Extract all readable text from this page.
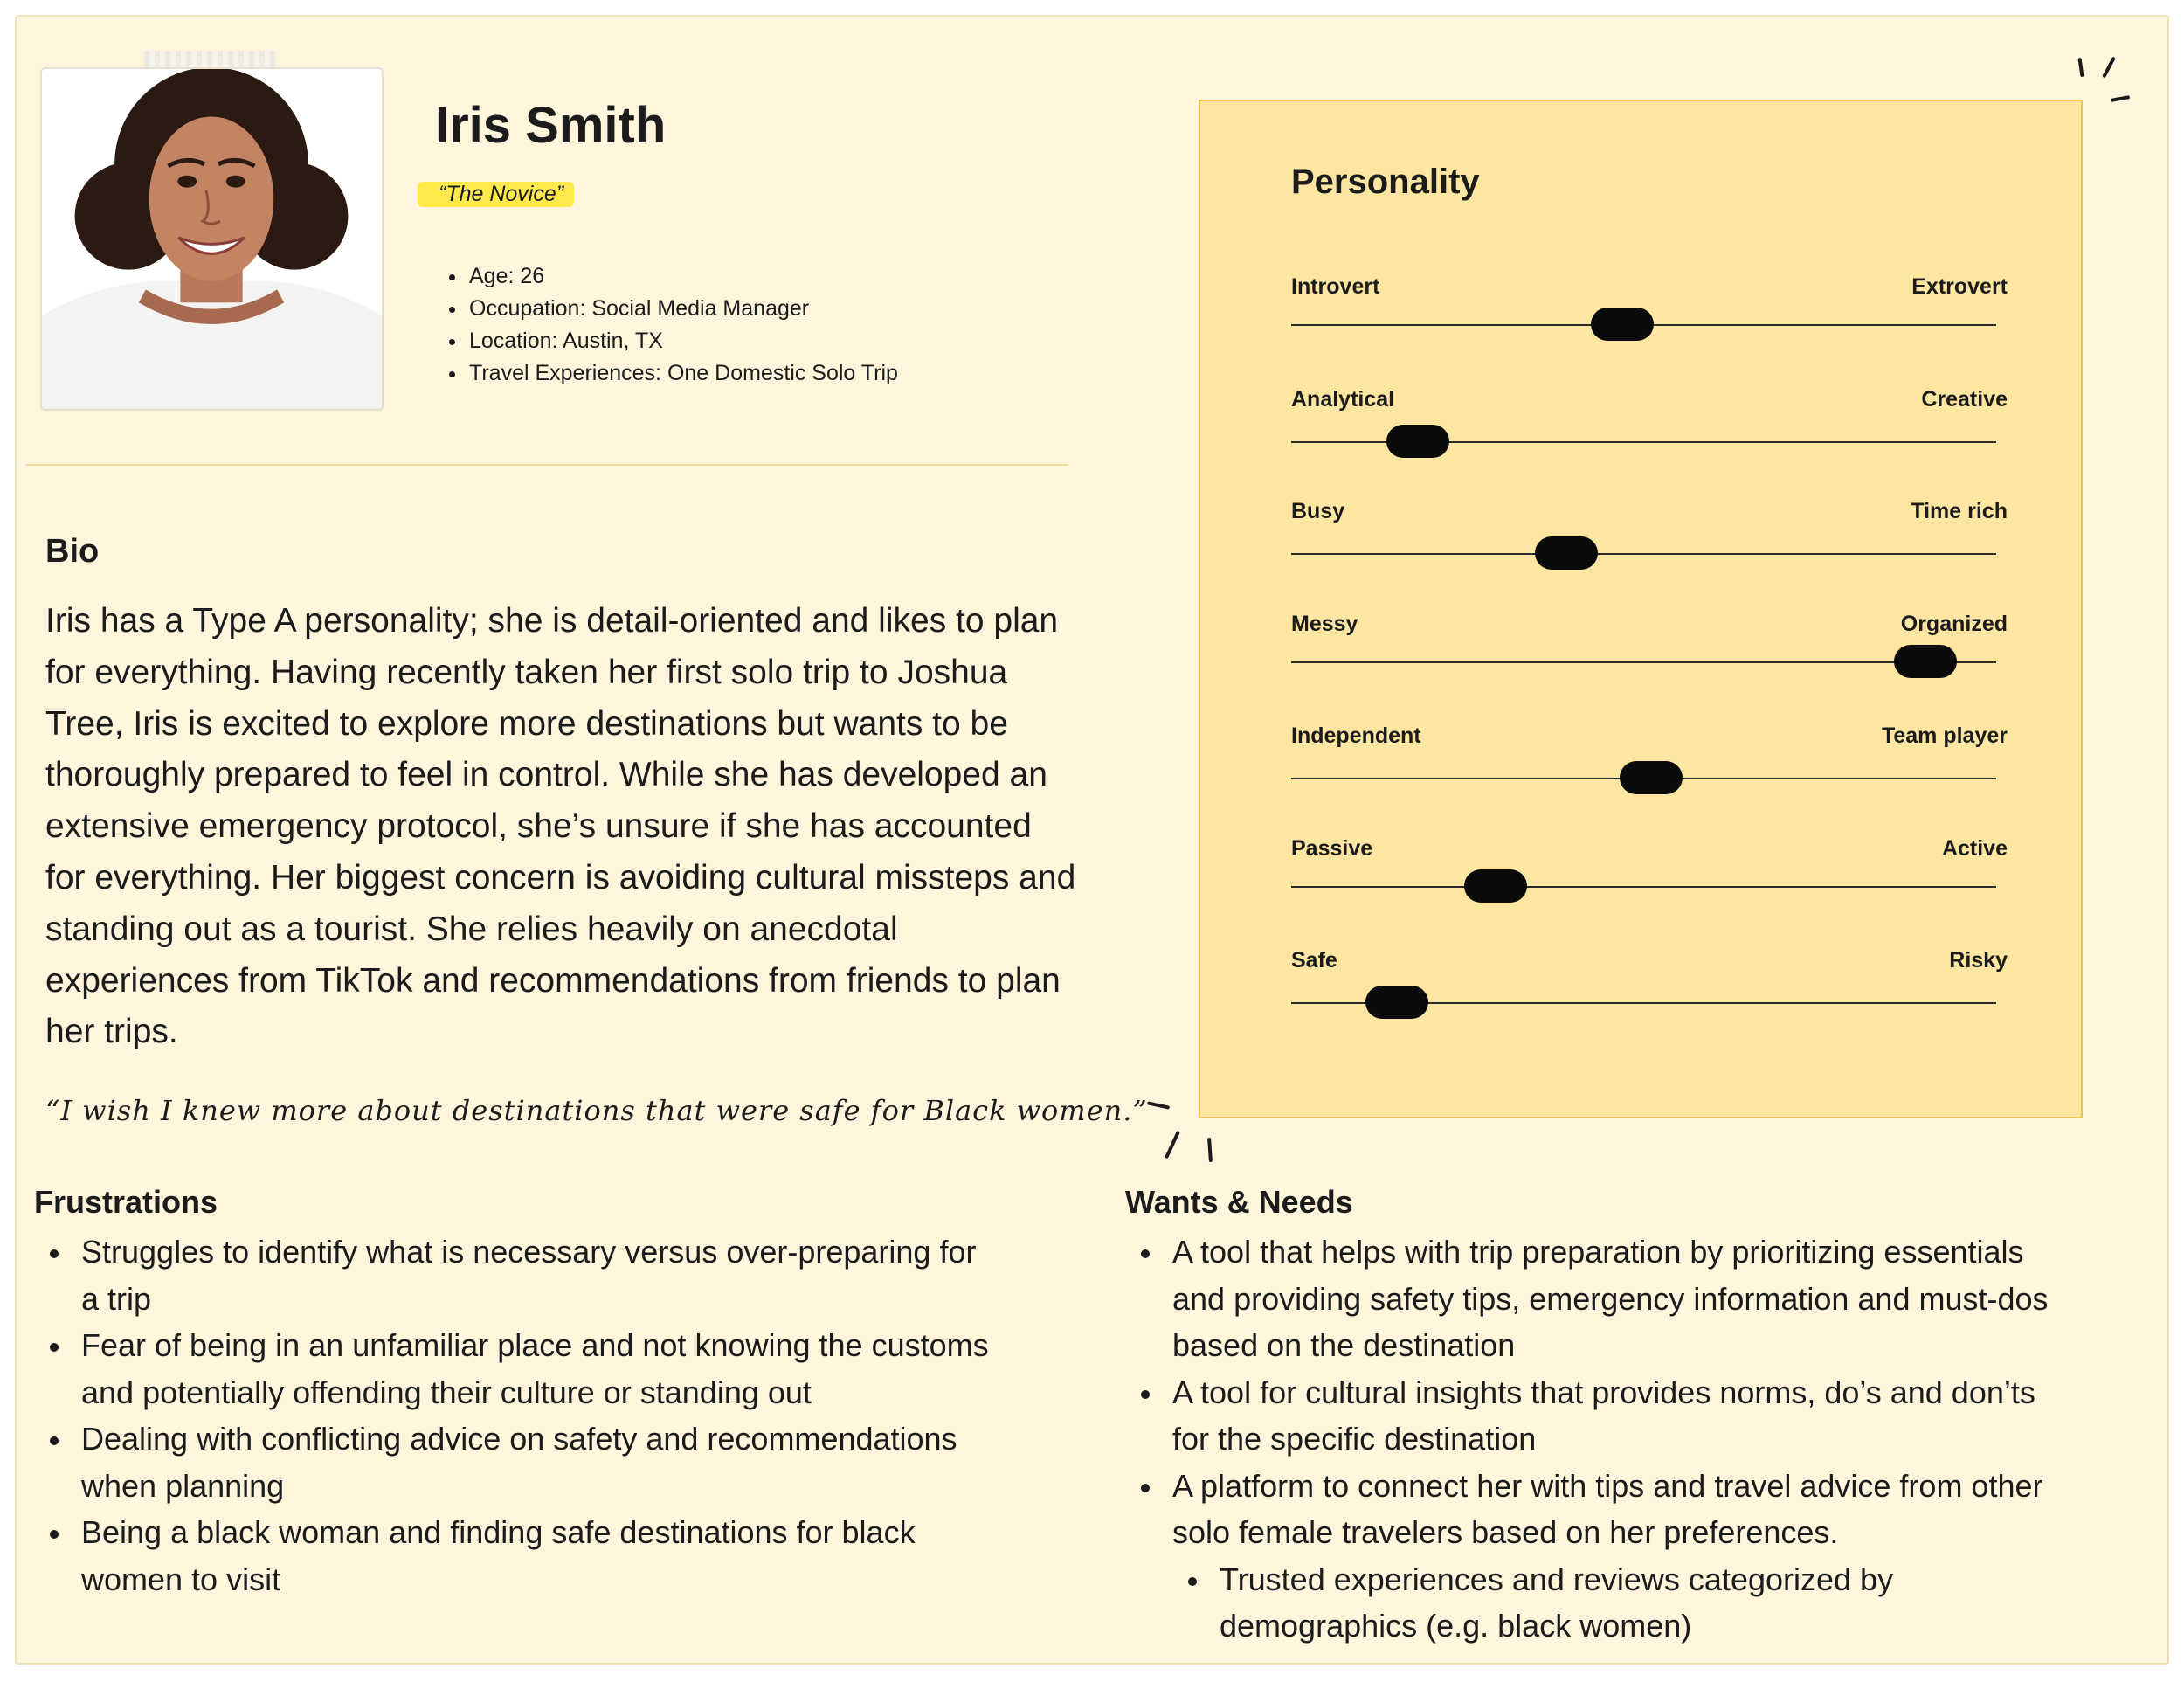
Iris Smith
“The Novice”
Age: 26
Occupation: Social Media Manager
Location: Austin, TX
Travel Experiences: One Domestic Solo Trip
Bio

Iris has a Type A personality; she is detail-oriented and likes to plan for everything. Having recently taken her first solo trip to Joshua Tree, Iris is excited to explore more destinations but wants to be thoroughly prepared to feel in control. While she has developed an extensive emergency protocol, she’s unsure if she has accounted for everything. Her biggest concern is avoiding cultural missteps and standing out as a tourist. She relies heavily on anecdotal experiences from TikTok and recommendations from friends to plan her trips.

“I wish I knew more about destinations that were safe for Black women.”
Personality
Introvert	Extrovert
Analytical	Creative
Busy	Time rich
Messy	Organized
Independent	Team player
Passive	Active
Safe	Risky
Frustrations
Struggles to identify what is necessary versus over-preparing for a trip
Fear of being in an unfamiliar place and not knowing the customs and potentially offending their culture or standing out
Dealing with conflicting advice on safety and recommendations when planning
Being a black woman and finding safe destinations for black women to visit
Wants & Needs
A tool that helps with trip preparation by prioritizing essentials and providing safety tips, emergency information and must-dos based on the destination
A tool for cultural insights that provides norms, do’s and don’ts for the specific destination
A platform to connect her with tips and travel advice from other solo female travelers based on her preferences.
Trusted experiences and reviews categorized by demographics (e.g. black women)
